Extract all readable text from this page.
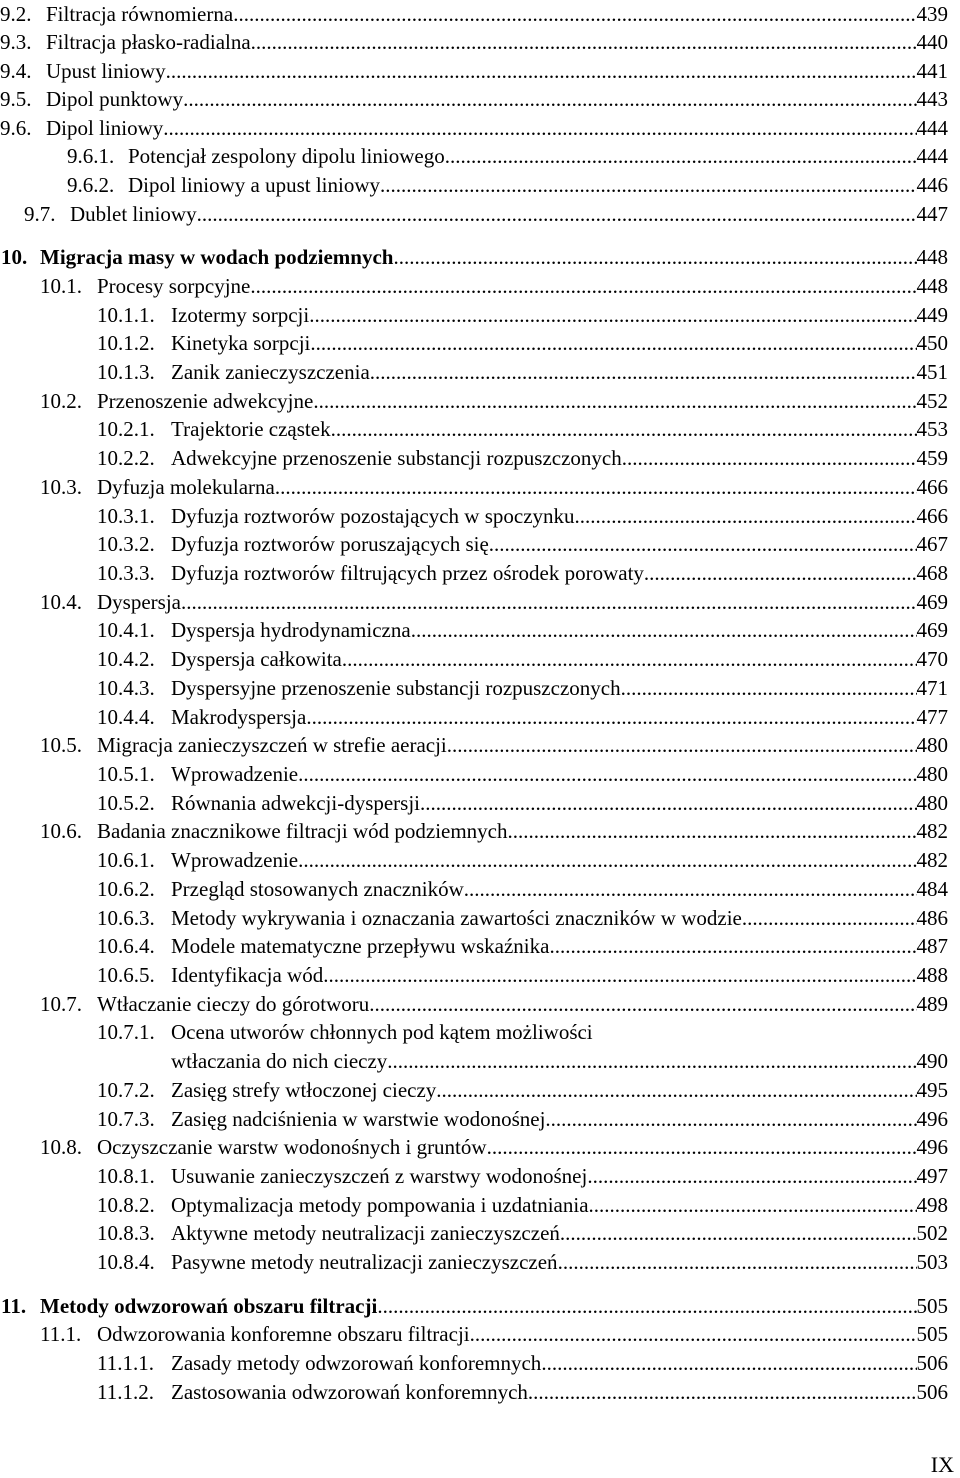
9.2. Filtracja równomierna .....	439
9.3. Filtracja płasko-radialna .....	440
9.4. Upust liniowy .....	441
9.5. Dipol punktowy .....	443
9.6. Dipol liniowy .....	444
9.6.1. Potencjał zespolony dipolu liniowego .....	444
9.6.2. Dipol liniowy a upust liniowy .....	446
9.7. Dublet liniowy .....	447
10. Migracja masy w wodach podziemnych .....	448
10.1. Procesy sorpcyjne .....	448
10.1.1. Izotermy sorpcji .....	449
10.1.2. Kinetyka sorpcji .....	450
10.1.3. Zanik zanieczyszczenia .....	451
10.2. Przenoszenie adwekcyjne .....	452
10.2.1. Trajektorie cząstek .....	453
10.2.2. Adwekcyjne przenoszenie substancji rozpuszczonych .....	459
10.3. Dyfuzja molekularna .....	466
10.3.1. Dyfuzja roztworów pozostających w spoczynku .....	466
10.3.2. Dyfuzja roztworów poruszających się .....	467
10.3.3. Dyfuzja roztworów filtrujących przez ośrodek porowaty .....	468
10.4. Dyspersja .....	469
10.4.1. Dyspersja hydrodynamiczna .....	469
10.4.2. Dyspersja całkowita .....	470
10.4.3. Dyspersyjne przenoszenie substancji rozpuszczonych .....	471
10.4.4. Makrodyspersja .....	477
10.5. Migracja zanieczyszczeń w strefie aeracji .....	480
10.5.1. Wprowadzenie .....	480
10.5.2. Równania adwekcji-dyspersji .....	480
10.6. Badania znacznikowe filtracji wód podziemnych .....	482
10.6.1. Wprowadzenie .....	482
10.6.2. Przegląd stosowanych znaczników .....	484
10.6.3. Metody wykrywania i oznaczania zawartości znaczników w wodzie .....	486
10.6.4. Modele matematyczne przepływu wskaźnika .....	487
10.6.5. Identyfikacja wód .....	488
10.7. Wtłaczanie cieczy do górotworu .....	489
10.7.1. Ocena utworów chłonnych pod kątem możliwości
wtłaczania do nich cieczy .....	490
10.7.2. Zasięg strefy wtłoczonej cieczy .....	495
10.7.3. Zasięg nadciśnienia w warstwie wodonośnej .....	496
10.8. Oczyszczanie warstw wodonośnych i gruntów .....	496
10.8.1. Usuwanie zanieczyszczeń z warstwy wodonośnej .....	497
10.8.2. Optymalizacja metody pompowania i uzdatniania .....	498
10.8.3. Aktywne metody neutralizacji zanieczyszczeń .....	502
10.8.4. Pasywne metody neutralizacji zanieczyszczeń .....	503
11. Metody odwzorowań obszaru filtracji .....	505
11.1. Odwzorowania konforemne obszaru filtracji .....	505
11.1.1. Zasady metody odwzorowań konforemnych .....	506
11.1.2. Zastosowania odwzorowań konforemnych .....	506
IX
